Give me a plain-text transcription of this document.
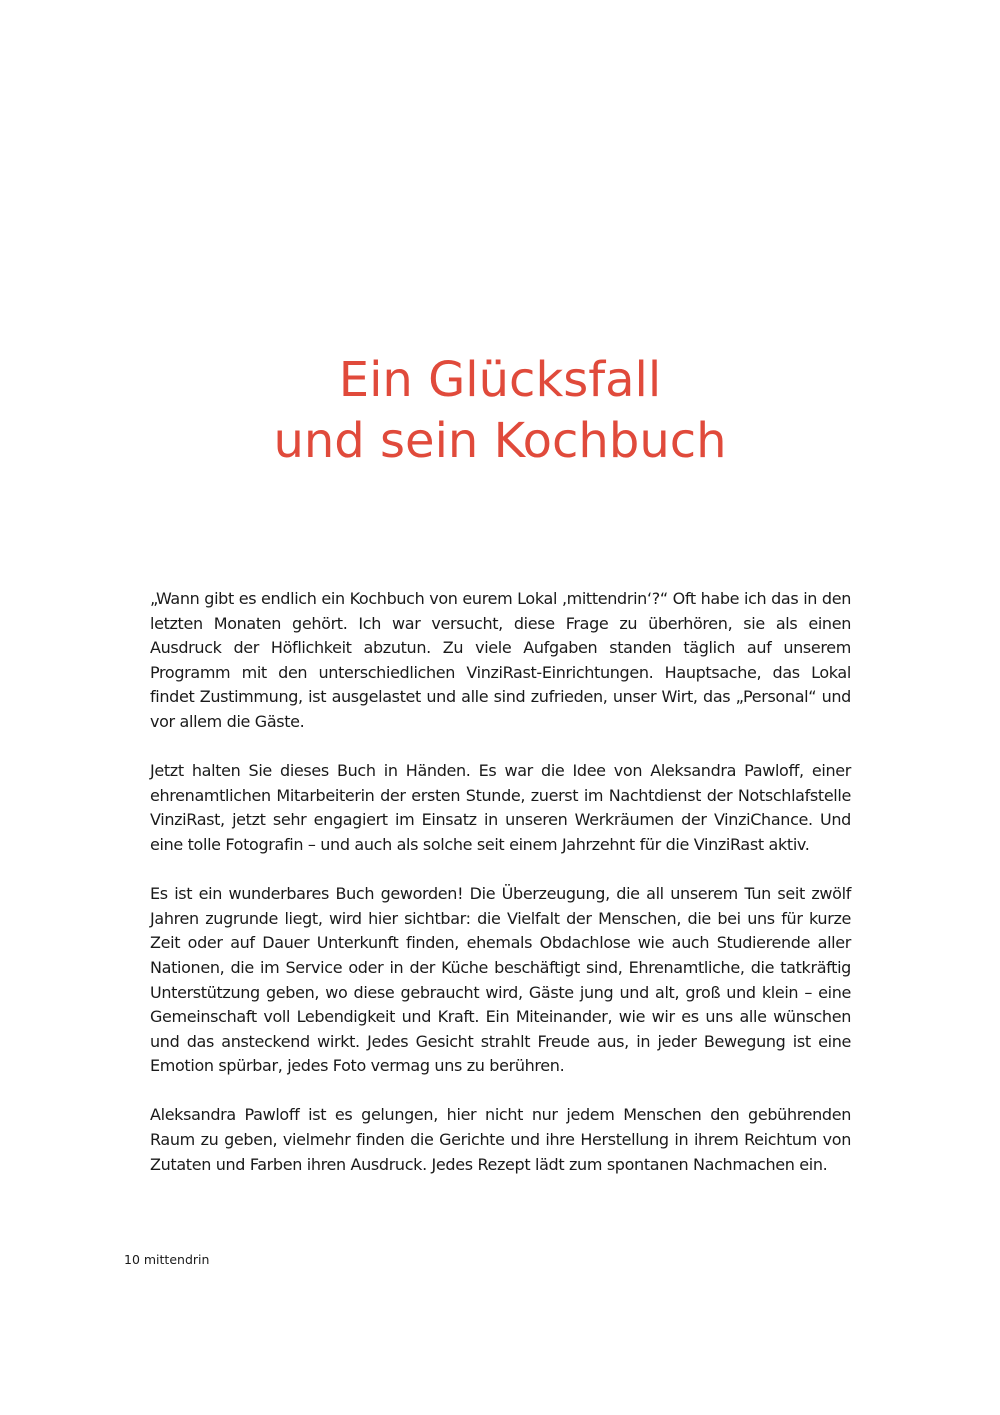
Ein Glücksfall
und sein Kochbuch

„Wann gibt es endlich ein Kochbuch von eurem Lokal ‚mittendrin‘?“ Oft habe ich das in den letzten Monaten gehört. Ich war versucht, diese Frage zu überhören, sie als einen Ausdruck der Höflichkeit abzutun. Zu viele Aufgaben standen täglich auf unserem Programm mit den unterschiedlichen VinziRast-Einrichtungen. Hauptsache, das Lokal findet Zustimmung, ist ausgelastet und alle sind zufrieden, unser Wirt, das „Personal“ und vor allem die Gäste.

Jetzt halten Sie dieses Buch in Händen. Es war die Idee von Aleksandra Pawloff, einer ehrenamtlichen Mitarbeiterin der ersten Stunde, zuerst im Nachtdienst der Notschlafstelle VinziRast, jetzt sehr engagiert im Einsatz in unseren Werkräumen der VinziChance. Und eine tolle Fotografin – und auch als solche seit einem Jahrzehnt für die VinziRast aktiv.

Es ist ein wunderbares Buch geworden! Die Überzeugung, die all unserem Tun seit zwölf Jahren zugrunde liegt, wird hier sichtbar: die Vielfalt der Menschen, die bei uns für kurze Zeit oder auf Dauer Unterkunft finden, ehemals Obdachlose wie auch Studierende aller Nationen, die im Service oder in der Küche beschäftigt sind, Ehrenamtliche, die tatkräftig Unterstützung geben, wo diese gebraucht wird, Gäste jung und alt, groß und klein – eine Gemeinschaft voll Lebendigkeit und Kraft. Ein Miteinander, wie wir es uns alle wünschen und das ansteckend wirkt. Jedes Gesicht strahlt Freude aus, in jeder Bewegung ist eine Emotion spürbar, jedes Foto vermag uns zu berühren.

Aleksandra Pawloff ist es gelungen, hier nicht nur jedem Menschen den gebührenden Raum zu geben, vielmehr finden die Gerichte und ihre Herstellung in ihrem Reichtum von Zutaten und Farben ihren Ausdruck. Jedes Rezept lädt zum spontanen Nachmachen ein.

10 mittendrin
